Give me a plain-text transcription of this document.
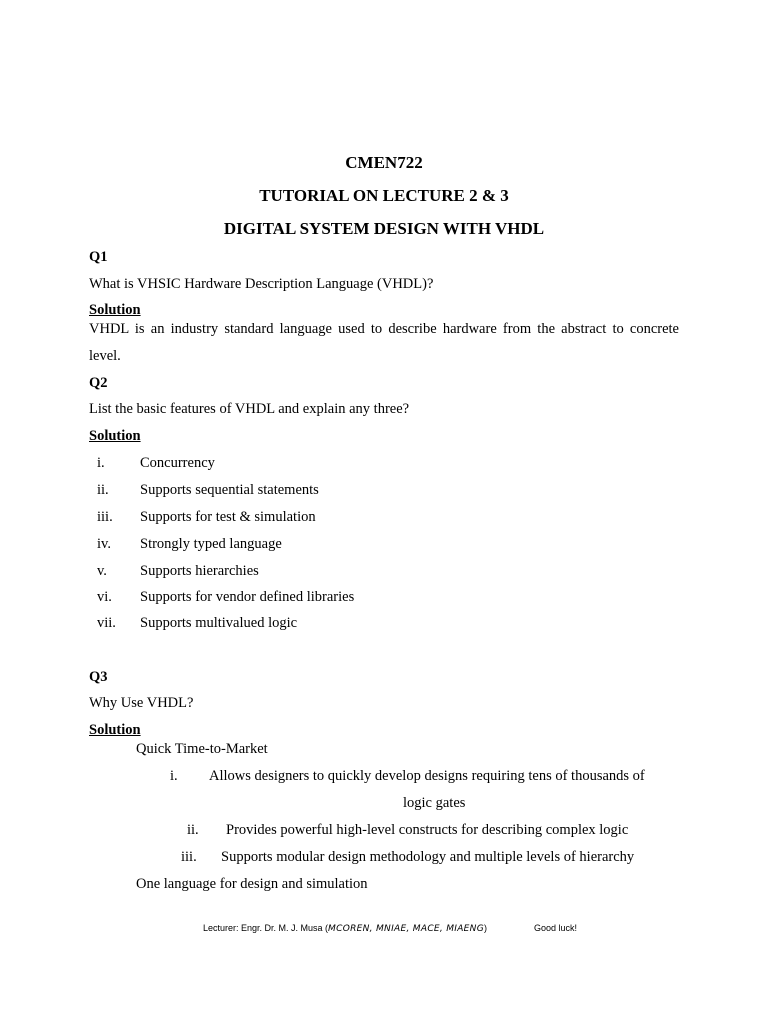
CMEN722
TUTORIAL ON LECTURE 2 & 3
DIGITAL SYSTEM DESIGN WITH VHDL
Q1
What is VHSIC Hardware Description Language (VHDL)?
Solution
VHDL is an industry standard language used to describe hardware from the abstract to concrete
level.
Q2
List the basic features of VHDL and explain any three?
Solution
i. Concurrency
ii. Supports sequential statements
iii. Supports for test & simulation
iv. Strongly typed language
v. Supports hierarchies
vi. Supports for vendor defined libraries
vii. Supports multivalued logic
Q3
Why Use VHDL?
Solution
Quick Time-to-Market
i. Allows designers to quickly develop designs requiring tens of thousands of
logic gates
ii. Provides powerful high-level constructs for describing complex logic
iii. Supports modular design methodology and multiple levels of hierarchy
One language for design and simulation
Lecturer: Engr. Dr. M. J. Musa (MCOREN, MNIAE, MACE, MIAENG)	Good luck!
